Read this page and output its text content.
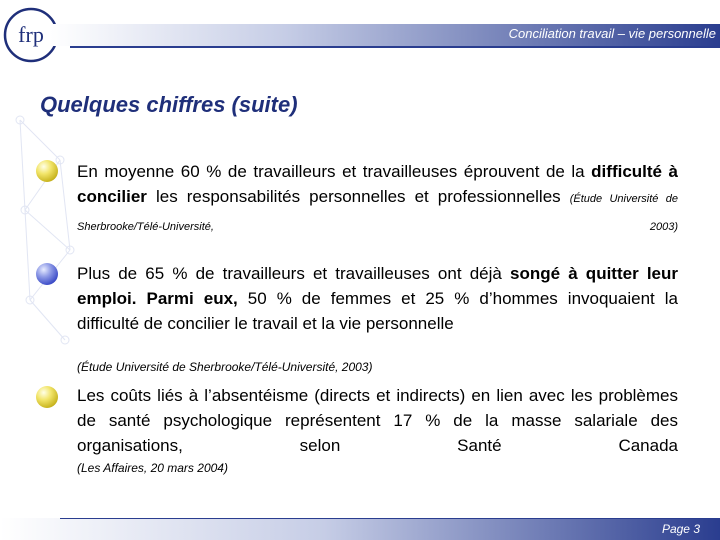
frp	Conciliation travail – vie personnelle
Quelques chiffres (suite)
En moyenne 60 % de travailleurs et travailleuses éprouvent de la difficulté à concilier les responsabilités personnelles et professionnelles (Étude Université de Sherbrooke/Télé-Université, 2003)
Plus de 65 % de travailleurs et travailleuses ont déjà songé à quitter leur emploi. Parmi eux, 50 % de femmes et 25 % d’hommes invoquaient la difficulté de concilier le travail et la vie personnelle
(Étude Université de Sherbrooke/Télé-Université, 2003)
Les coûts liés à l’absentéisme (directs et indirects) en lien avec les problèmes de santé psychologique représentent 17 % de la masse salariale des organisations, selon Santé Canada
(Les Affaires, 20 mars 2004)
Page 3
